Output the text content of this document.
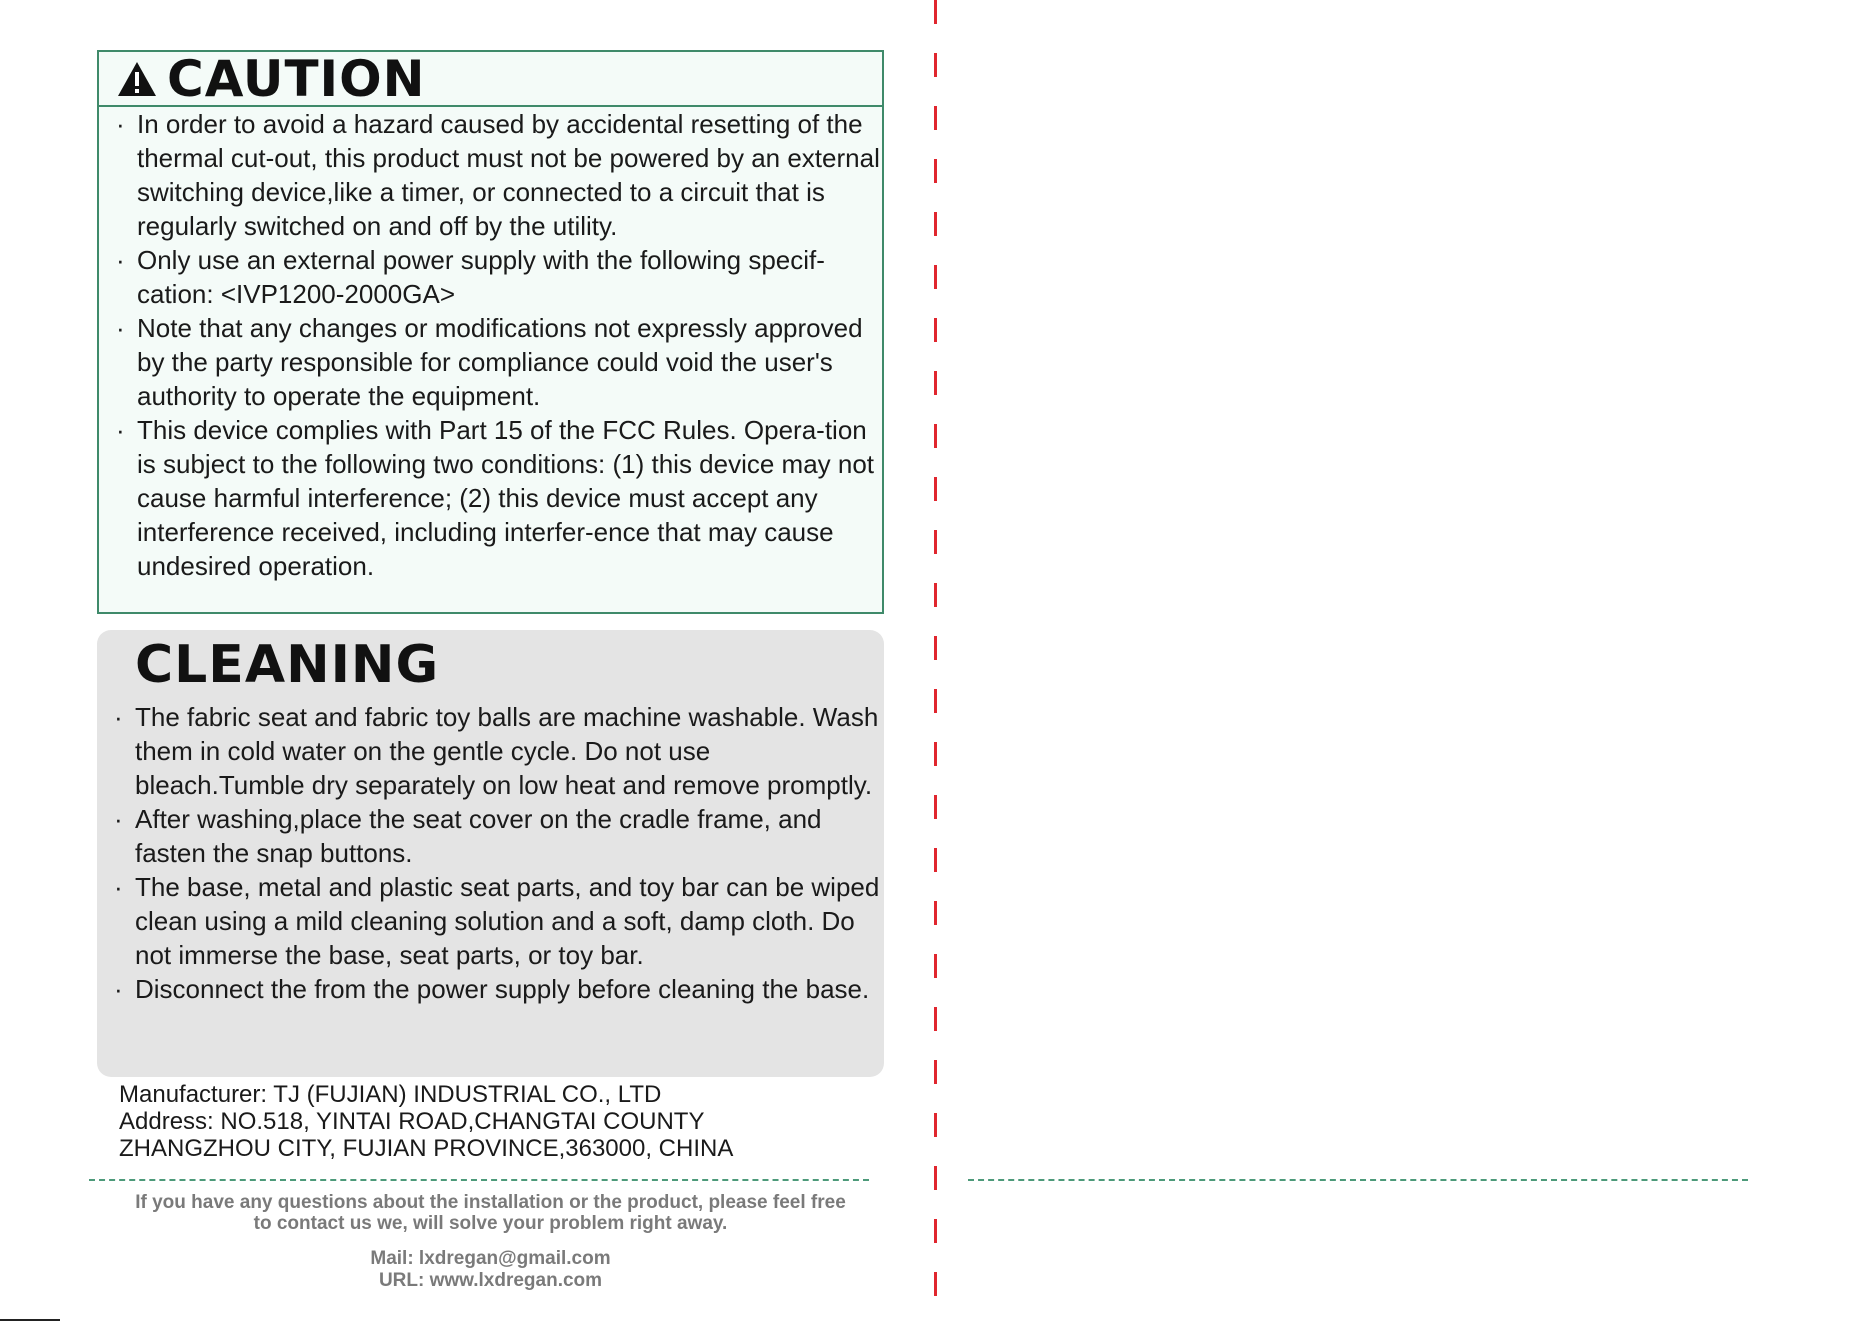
CAUTION
· In order to avoid a hazard caused by accidental resetting of the thermal cut-out, this product must not be powered by an external switching device,like a timer, or connected to a circuit that is regularly switched on and off by the utility.
· Only use an external power supply with the following specif-cation: <IVP1200-2000GA>
· Note that any changes or modifications not expressly approved by the party responsible for compliance could void the user's authority to operate the equipment.
· This device complies with Part 15 of the FCC Rules. Opera-tion is subject to the following two conditions: (1) this device may not cause harmful interference; (2) this device must accept any interference received, including interfer-ence that may cause undesired operation.
CLEANING
· The fabric seat and fabric toy balls are machine washable. Wash them in cold water on the gentle cycle. Do not use bleach.Tumble dry separately on low heat and remove promptly.
· After washing,place the seat cover on the cradle frame, and fasten the snap buttons.
· The base, metal and plastic seat parts, and toy bar can be wiped clean using a mild cleaning solution and a soft, damp cloth. Do not immerse the base, seat parts, or toy bar.
· Disconnect the from the power supply before cleaning the base.
Manufacturer: TJ (FUJIAN) INDUSTRIAL CO., LTD
Address: NO.518, YINTAI ROAD,CHANGTAI COUNTY
ZHANGZHOU CITY, FUJIAN PROVINCE,363000, CHINA
If you have any questions about the installation or the product, please feel free
to contact us we, will solve your problem right away.
Mail: lxdregan@gmail.com
URL: www.lxdregan.com
